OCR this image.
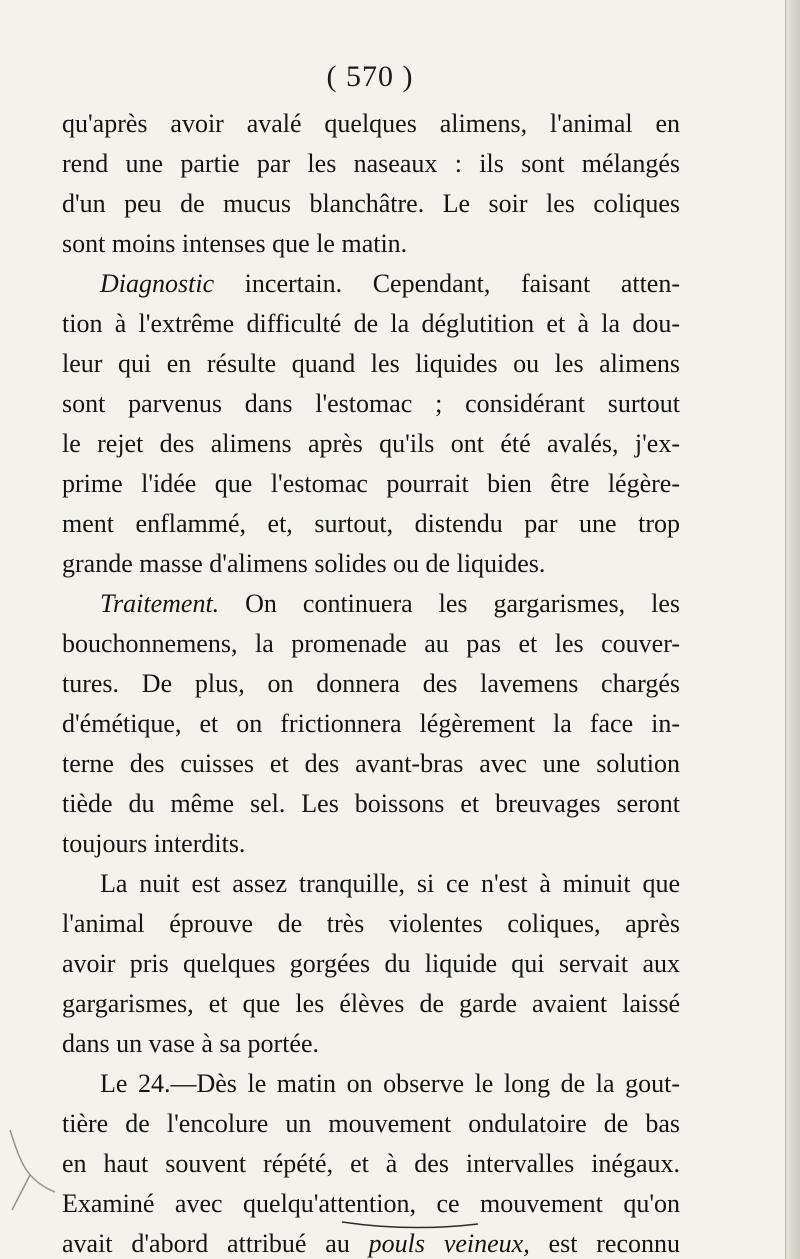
( 570 )
qu'après avoir avalé quelques alimens, l'animal en
rend une partie par les naseaux : ils sont mélangés
d'un peu de mucus blanchâtre. Le soir les coliques
sont moins intenses que le matin.
Diagnostic incertain. Cependant, faisant atten-
tion à l'extrême difficulté de la déglutition et à la dou-
leur qui en résulte quand les liquides ou les alimens
sont parvenus dans l'estomac ; considérant surtout
le rejet des alimens après qu'ils ont été avalés, j'ex-
prime l'idée que l'estomac pourrait bien être légère-
ment enflammé, et, surtout, distendu par une trop
grande masse d'alimens solides ou de liquides.
Traitement. On continuera les gargarismes, les
bouchonnemens, la promenade au pas et les couver-
tures. De plus, on donnera des lavemens chargés
d'émétique, et on frictionnera légèrement la face in-
terne des cuisses et des avant-bras avec une solution
tiède du même sel. Les boissons et breuvages seront
toujours interdits.
La nuit est assez tranquille, si ce n'est à minuit que
l'animal éprouve de très violentes coliques, après
avoir pris quelques gorgées du liquide qui servait aux
gargarismes, et que les élèves de garde avaient laissé
dans un vase à sa portée.
Le 24.—Dès le matin on observe le long de la gout-
tière de l'encolure un mouvement ondulatoire de bas
en haut souvent répété, et à des intervalles inégaux.
Examiné avec quelqu'attention, ce mouvement qu'on
avait d'abord attribué au pouls veineux, est reconnu
